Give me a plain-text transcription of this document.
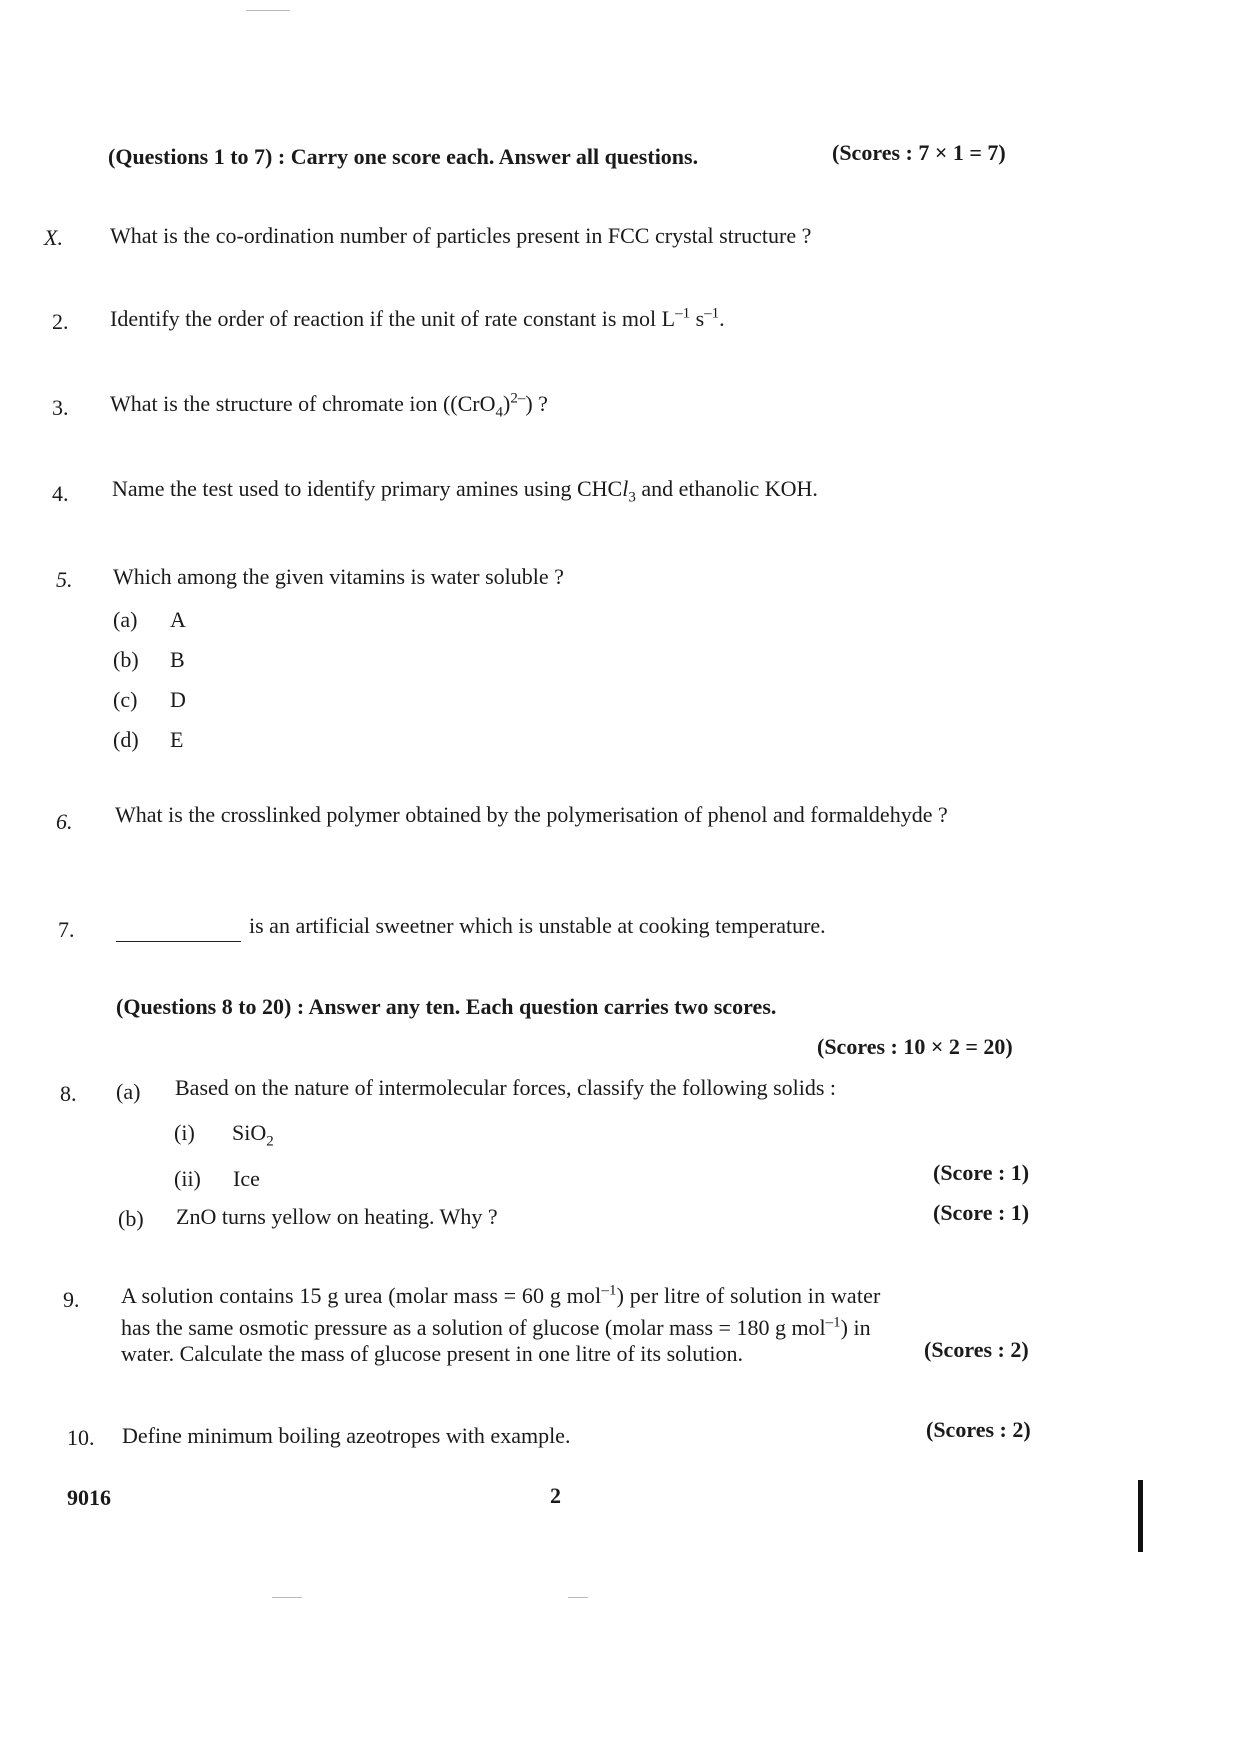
(Questions 1 to 7) : Carry one score each. Answer all questions.	(Scores : 7 × 1 = 7)
X. What is the co-ordination number of particles present in FCC crystal structure ?
2. Identify the order of reaction if the unit of rate constant is mol $L^{-1}$ $s^{-1}$.
3. What is the structure of chromate ion $((CrO_4)^{2-})$ ?
4. Name the test used to identify primary amines using CHCl$_3$ and ethanolic KOH.
5. Which among the given vitamins is water soluble ?
(a) A
(b) B
(c) D
(d) E
6. What is the crosslinked polymer obtained by the polymerisation of phenol and formaldehyde ?
7.	is an artificial sweetner which is unstable at cooking temperature.
(Questions 8 to 20) : Answer any ten. Each question carries two scores.
(Scores : 10 × 2 = 20)
8. (a) Based on the nature of intermolecular forces, classify the following solids :
(i) SiO$_2$
(ii) Ice	(Score : 1)
(b) ZnO turns yellow on heating. Why ?	(Score : 1)
9. A solution contains 15 g urea (molar mass = 60 g mol$^{-1}$) per litre of solution in water
has the same osmotic pressure as a solution of glucose (molar mass = 180 g mol$^{-1}$) in
water. Calculate the mass of glucose present in one litre of its solution.	(Scores : 2)
10. Define minimum boiling azeotropes with example.	(Scores : 2)
9016	2
